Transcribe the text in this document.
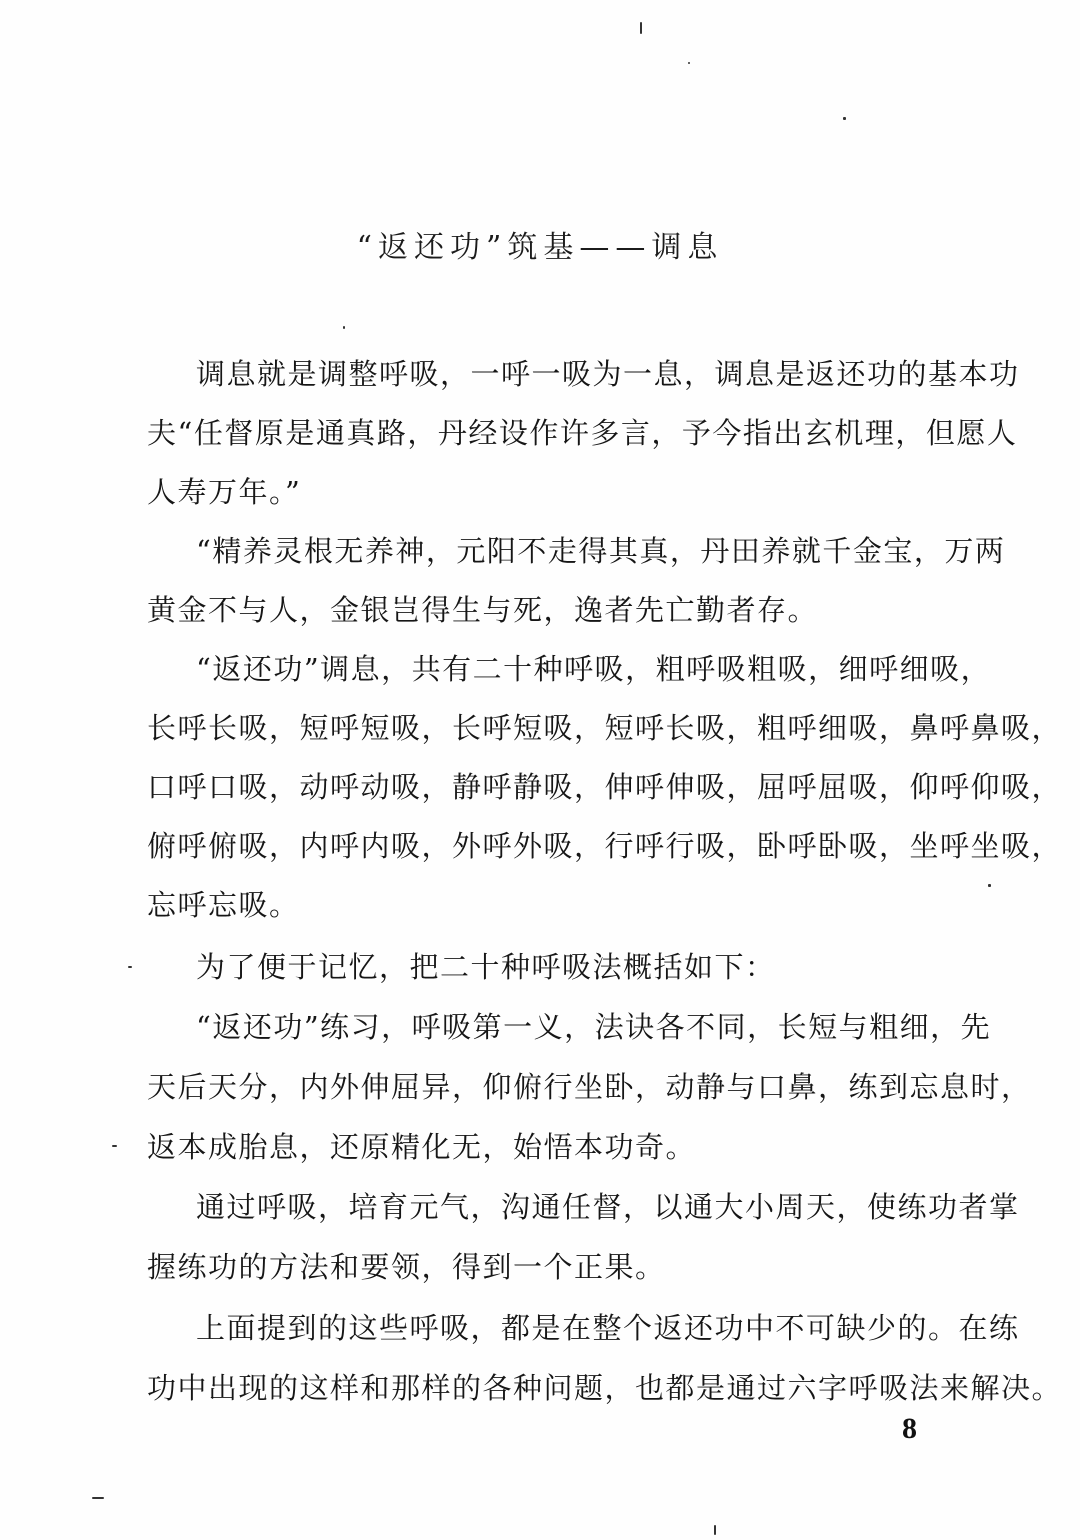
“返还功”筑基——调息
调息就是调整呼吸，一呼一吸为一息，调息是返还功的基本功
夫“任督原是通真路，丹经设作许多言，予今指出玄机理，但愿人
人寿万年。”
“精养灵根无养神，元阳不走得其真，丹田养就千金宝，万两
黄金不与人，金银岂得生与死，逸者先亡勤者存。
“返还功”调息，共有二十种呼吸，粗呼吸粗吸，细呼细吸，
长呼长吸，短呼短吸，长呼短吸，短呼长吸，粗呼细吸，鼻呼鼻吸，
口呼口吸，动呼动吸，静呼静吸，伸呼伸吸，屈呼屈吸，仰呼仰吸，
俯呼俯吸，内呼内吸，外呼外吸，行呼行吸，卧呼卧吸，坐呼坐吸，
忘呼忘吸。
为了便于记忆，把二十种呼吸法概括如下：
“返还功”练习，呼吸第一义，法诀各不同，长短与粗细，先
天后天分，内外伸屈异，仰俯行坐卧，动静与口鼻，练到忘息时，
返本成胎息，还原精化无，始悟本功奇。
通过呼吸，培育元气，沟通任督，以通大小周天，使练功者掌
握练功的方法和要领，得到一个正果。
上面提到的这些呼吸，都是在整个返还功中不可缺少的。在练
功中出现的这样和那样的各种问题，也都是通过六字呼吸法来解决。
8
